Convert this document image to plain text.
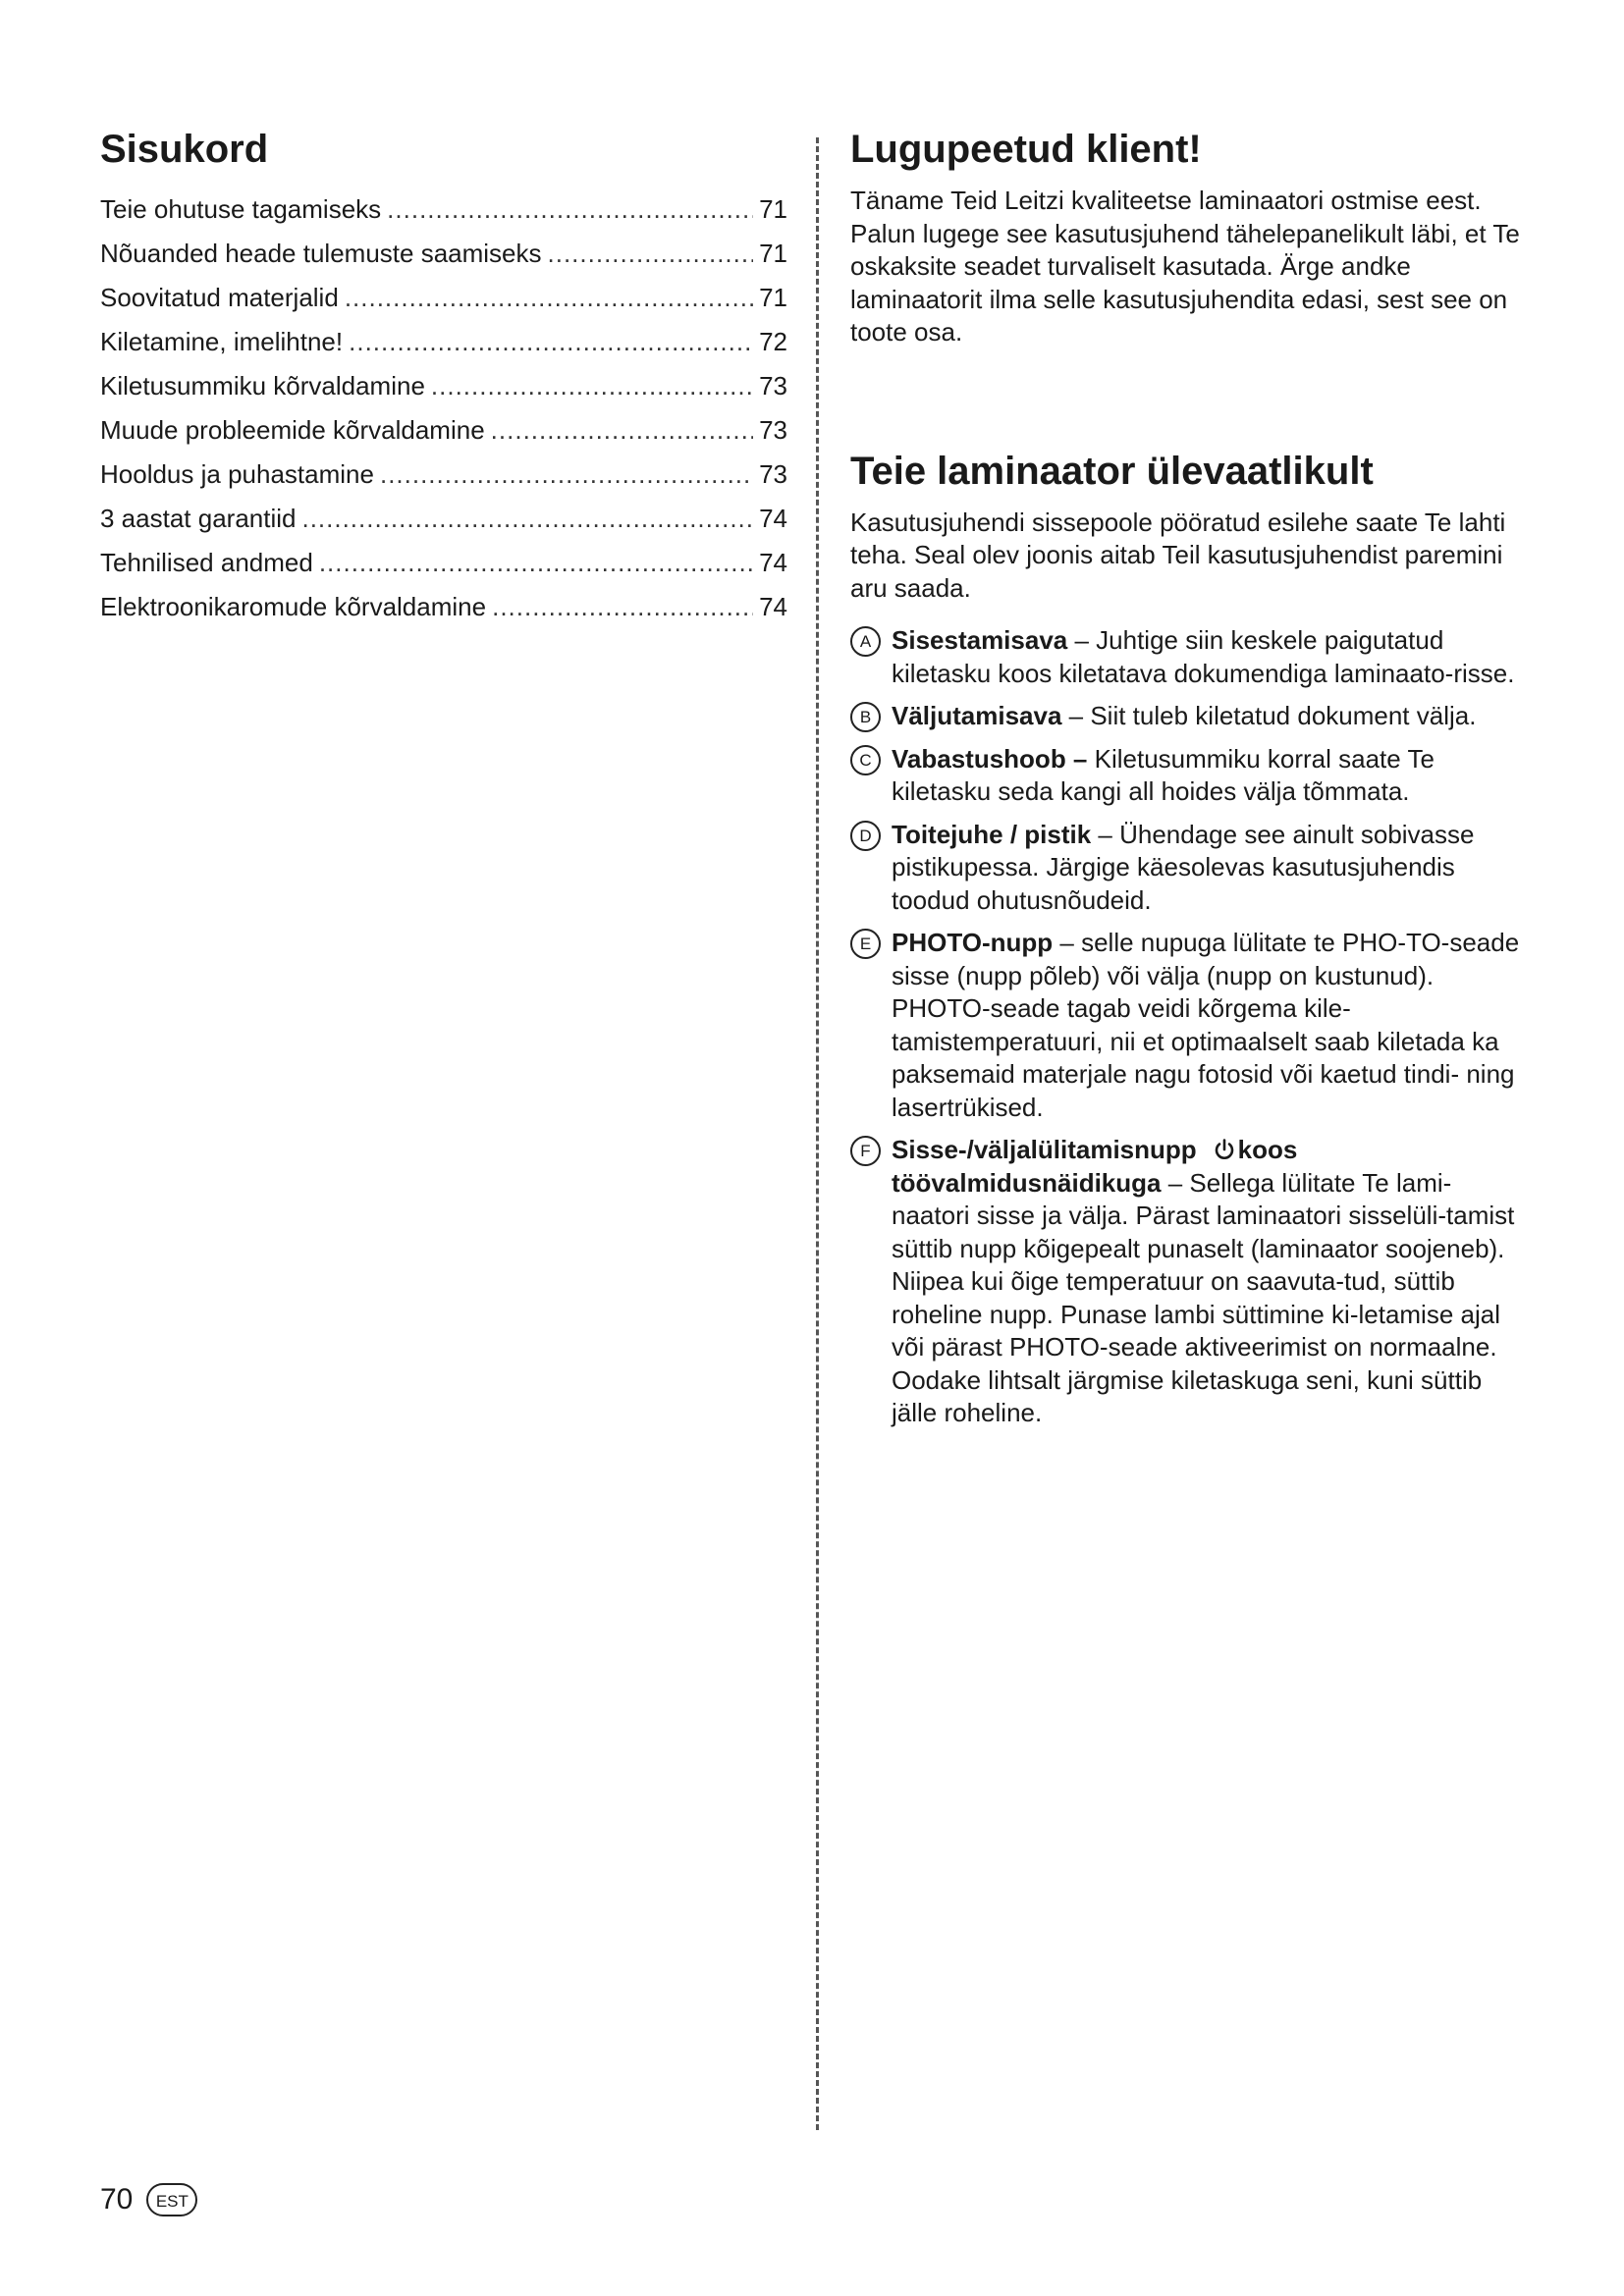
Sisukord
Teie ohutuse tagamiseks .....	71
Nõuanded heade tulemuste saamiseks .....	71
Soovitatud materjalid .....	71
Kiletamine, imelihtne! .....	72
Kiletusummiku kõrvaldamine .....	73
Muude probleemide kõrvaldamine .....	73
Hooldus ja puhastamine .....	73
3 aastat garantiid .....	74
Tehnilised andmed .....	74
Elektroonikaromude kõrvaldamine .....	74
Lugupeetud klient!

Täname Teid Leitzi kvaliteetse laminaatori ostmise eest. Palun lugege see kasutusjuhend tähelepanelikult läbi, et Te oskaksite seadet turvaliselt kasutada. Ärge andke laminaatorit ilma selle kasutusjuhendita edasi, sest see on toote osa.

Teie laminaator ülevaatlikult

Kasutusjuhendi sissepoole pööratud esilehe saate Te lahti teha. Seal olev joonis aitab Teil kasutusjuhendist paremini aru saada.

A Sisestamisava – Juhtige siin keskele paigutatud kiletasku koos kiletatava dokumendiga laminaato-risse.
B Väljutamisava – Siit tuleb kiletatud dokument välja.
C Vabastushoob – Kiletusummiku korral saate Te kiletasku seda kangi all hoides välja tõmmata.
D Toitejuhe / pistik – Ühendage see ainult sobivasse pistikupessa. Järgige käesolevas kasutusjuhendis toodud ohutusnõudeid.
E PHOTO-nupp – selle nupuga lülitate te PHO-TO-seade sisse (nupp põleb) või välja (nupp on kustunud). PHOTO-seade tagab veidi kõrgema kile-tamistemperatuuri, nii et optimaalselt saab kiletada ka paksemaid materjale nagu fotosid või kaetud tindi- ning lasertrükised.
F Sisse-/väljalülitamisnupp koos töövalmidusnäidikuga – Sellega lülitate Te lami-naatori sisse ja välja. Pärast laminaatori sisselüli-tamist süttib nupp kõigepealt punaselt (laminaator soojeneb). Niipea kui õige temperatuur on saavuta-tud, süttib roheline nupp. Punase lambi süttimine ki-letamise ajal või pärast PHOTO-seade aktiveerimist on normaalne. Oodake lihtsalt järgmise kiletaskuga seni, kuni süttib jälle roheline.
70	EST
